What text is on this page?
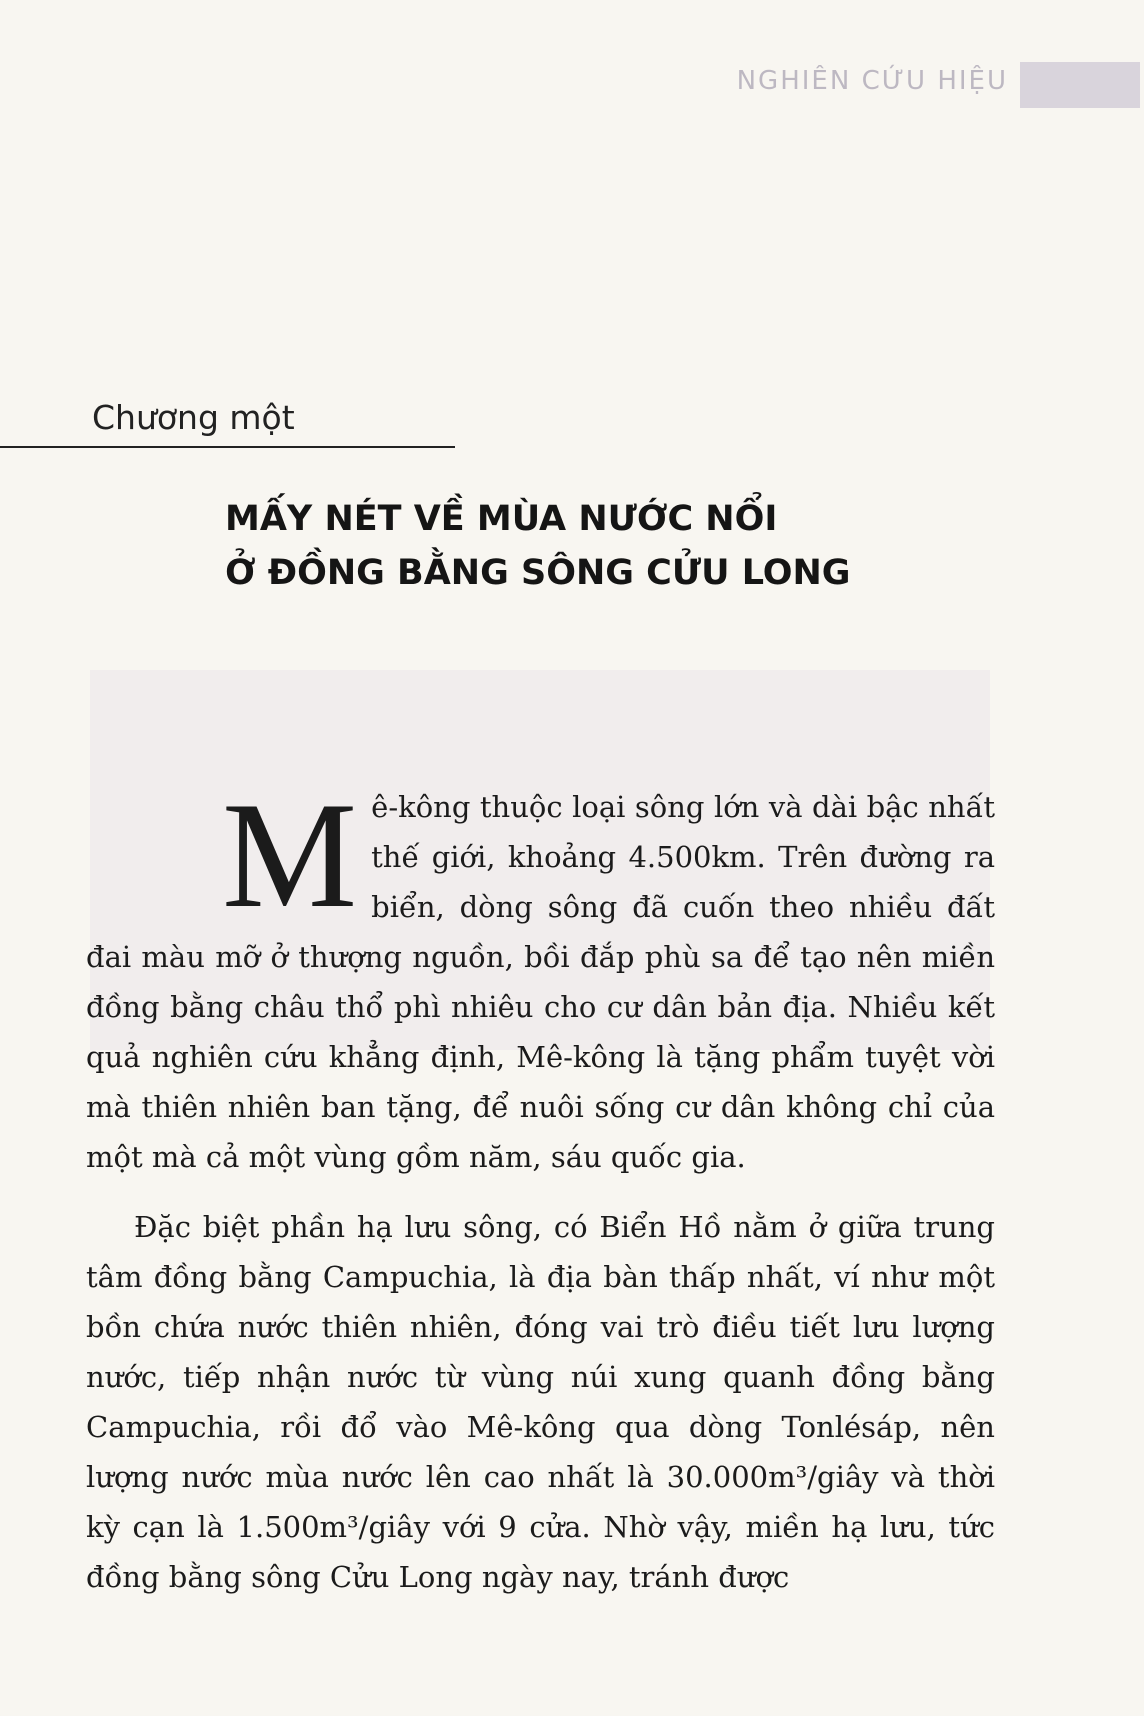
NGHIÊN CỨU HIỆU
Chương một
MẤY NÉT VỀ MÙA NƯỚC NỔI
Ở ĐỒNG BẰNG SÔNG CỬU LONG

Mê-kông thuộc loại sông lớn và dài bậc nhất thế giới, khoảng 4.500km. Trên đường ra biển, dòng sông đã cuốn theo nhiều đất đai màu mỡ ở thượng nguồn, bồi đắp phù sa để tạo nên miền đồng bằng châu thổ phì nhiêu cho cư dân bản địa. Nhiều kết quả nghiên cứu khẳng định, Mê-kông là tặng phẩm tuyệt vời mà thiên nhiên ban tặng, để nuôi sống cư dân không chỉ của một mà cả một vùng gồm năm, sáu quốc gia.

Đặc biệt phần hạ lưu sông, có Biển Hồ nằm ở giữa trung tâm đồng bằng Campuchia, là địa bàn thấp nhất, ví như một bồn chứa nước thiên nhiên, đóng vai trò điều tiết lưu lượng nước, tiếp nhận nước từ vùng núi xung quanh đồng bằng Campuchia, rồi đổ vào Mê-kông qua dòng Tonlésáp, nên lượng nước mùa nước lên cao nhất là 30.000m³/giây và thời kỳ cạn là 1.500m³/giây với 9 cửa. Nhờ vậy, miền hạ lưu, tức đồng bằng sông Cửu Long ngày nay, tránh được
